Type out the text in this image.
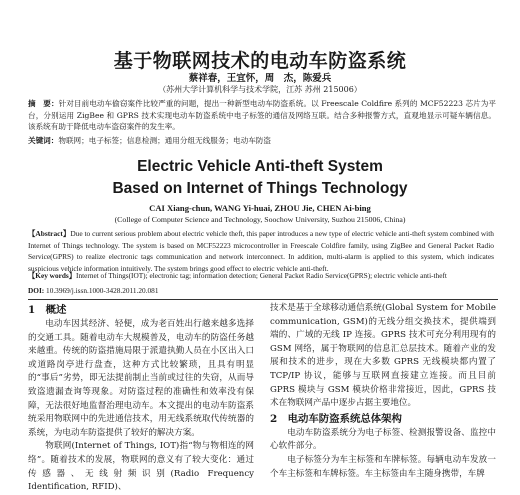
基于物联网技术的电动车防盗系统
蔡祥春，王宜怀，周　杰，陈爱兵
（苏州大学计算机科学与技术学院，江苏 苏州 215006）
摘　要：针对目前电动车偷窃案件比较严重的问题，提出一种新型电动车防盗系统。以 Freescale Coldfire 系列的 MCF52223 芯片为平台，分别运用 ZigBee 和 GPRS 技术实现电动车防盗系统中电子标签的通信及网络互联。结合多种报警方式，直观地显示可疑车辆信息。该系统有助于降低电动车盗窃案件的发生率。
关键词：物联网；电子标签；信息检测；通用分组无线服务；电动车防盗
Electric Vehicle Anti-theft System
Based on Internet of Things Technology
CAI Xiang-chun, WANG Yi-huai, ZHOU Jie, CHEN Ai-bing
(College of Computer Science and Technology, Soochow University, Suzhou 215006, China)
【Abstract】Due to current serious problem about electric vehicle theft, this paper introduces a new type of electric vehicle anti-theft system combined with Internet of Things technology. The system is based on MCF52223 microcontroller in Freescale Coldfire family, using ZigBee and General Packet Radio Service(GPRS) to realize electronic tags communication and network interconnect. In addition, multi-alarm is applied to this system, which indicates suspicious vehicle information intuitively. The system brings good effect to electric vehicle anti-theft.
【Key words】Internet of Things(IOT); electronic tag; information detection; General Packet Radio Service(GPRS); electric vehicle anti-theft
DOI: 10.3969/j.issn.1000-3428.2011.20.081
1　概述

电动车因其经济、轻便，成为老百姓出行越来越多选择的交通工具。随着电动车大规模普及，电动车的防盗任务越来越重。传统的防盗措施局限于派遣执勤人员在小区出入口或道路岗亭进行盘查，这种方式比较繁琐，且具有明显的“事后”劣势，即无法提前制止当前或过往的失窃，从而导致盗遗漏查询等现象。对防盗过程的准确性和效率没有保障，无法很好地监督治理电动车。本文提出的电动车防盗系统采用物联网中的先进通信技术，用无线系统取代传统器的系统，为电动车防盗提供了较好的解决方案。

物联网(Internet of Things, IOT)指“物与物相连的网络”。随着技术的发展，物联网的意义有了较大变化：通过传感器、无线射频识别(Radio Frequency Identification, RFID)、

技术是基于全球移动通信系统(Global System for Mobile communication, GSM)的无线分组交换技术，提供端到端的、广域的无线 IP 连接。GPRS 技术可充分利用现有的 GSM 网络，属于物联网的信息汇总层技术。随着产业的发展和技术的进步，现在大多数 GPRS 无线模块都内置了 TCP/IP 协议，能够与互联网直接建立连接。而且目前 GPRS 模块与 GSM 模块价格非常接近，因此，GPRS 技术在物联网产品中逐步占据主要地位。

2　电动车防盗系统总体架构

电动车防盗系统分为电子标签、检测报警设备、监控中心软件部分。

电子标签分为车主标签和车牌标签。每辆电动车发放一个车主标签和车牌标签。车主标签由车主随身携带，车牌
